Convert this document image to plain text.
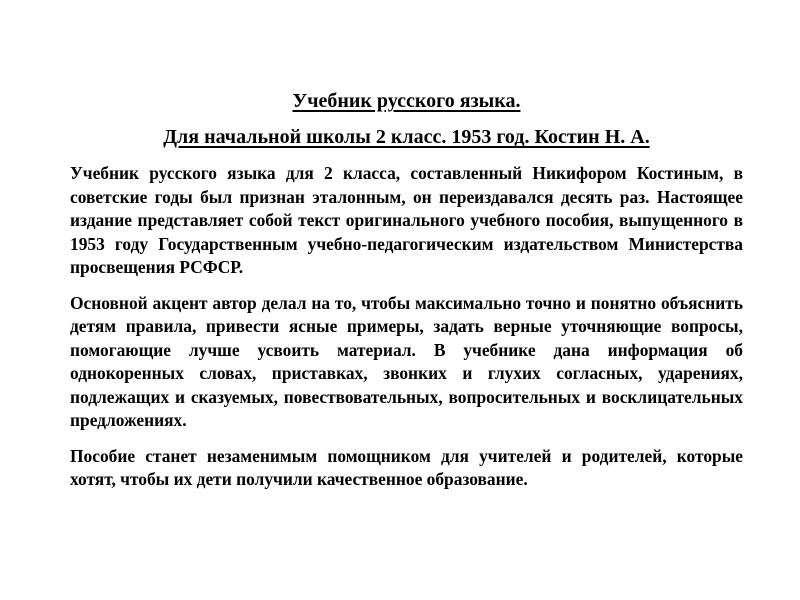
Учебник русского языка.

Для начальной школы 2 класс. 1953 год. Костин Н. А.

Учебник русского языка для 2 класса, составленный Никифором Костиным, в советские годы был признан эталонным, он переиздавался десять раз. Настоящее издание представляет собой текст оригинального учебного пособия, выпущенного в 1953 году Государственным учебно-педагогическим издательством Министерства просвещения РСФСР.

Основной акцент автор делал на то, чтобы максимально точно и понятно объяснить детям правила, привести ясные примеры, задать верные уточняющие вопросы, помогающие лучше усвоить материал. В учебнике дана информация об однокоренных словах, приставках, звонких и глухих согласных, ударениях, подлежащих и сказуемых, повествовательных, вопросительных и восклицательных предложениях.

Пособие станет незаменимым помощником для учителей и родителей, которые хотят, чтобы их дети получили качественное образование.
